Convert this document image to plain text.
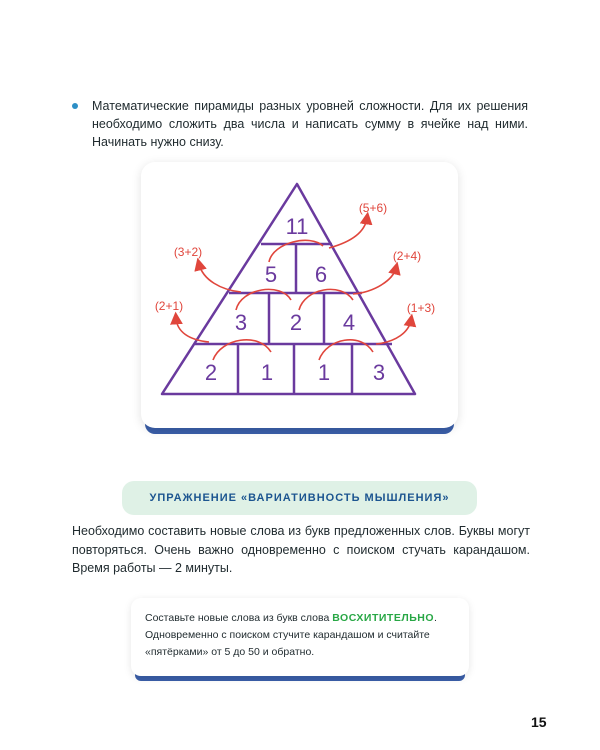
Математические пирамиды разных уровней сложности. Для их решения необходимо сложить два числа и написать сумму в ячейке над ними. Начинать нужно снизу.
11
5 6
3 2 4
2 1 1 3
(5+6)
(3+2)	(2+4)
(2+1)	(1+3)
УПРАЖНЕНИЕ «ВАРИАТИВНОСТЬ МЫШЛЕНИЯ»
Необходимо составить новые слова из букв предложенных слов. Буквы могут повторяться. Очень важно одновременно с поиском стучать карандашом. Время работы — 2 минуты.
Составьте новые слова из букв слова ВОСХИТИТЕЛЬНО. Одновременно с поиском стучите карандашом и считайте «пятёрками» от 5 до 50 и обратно.
15
